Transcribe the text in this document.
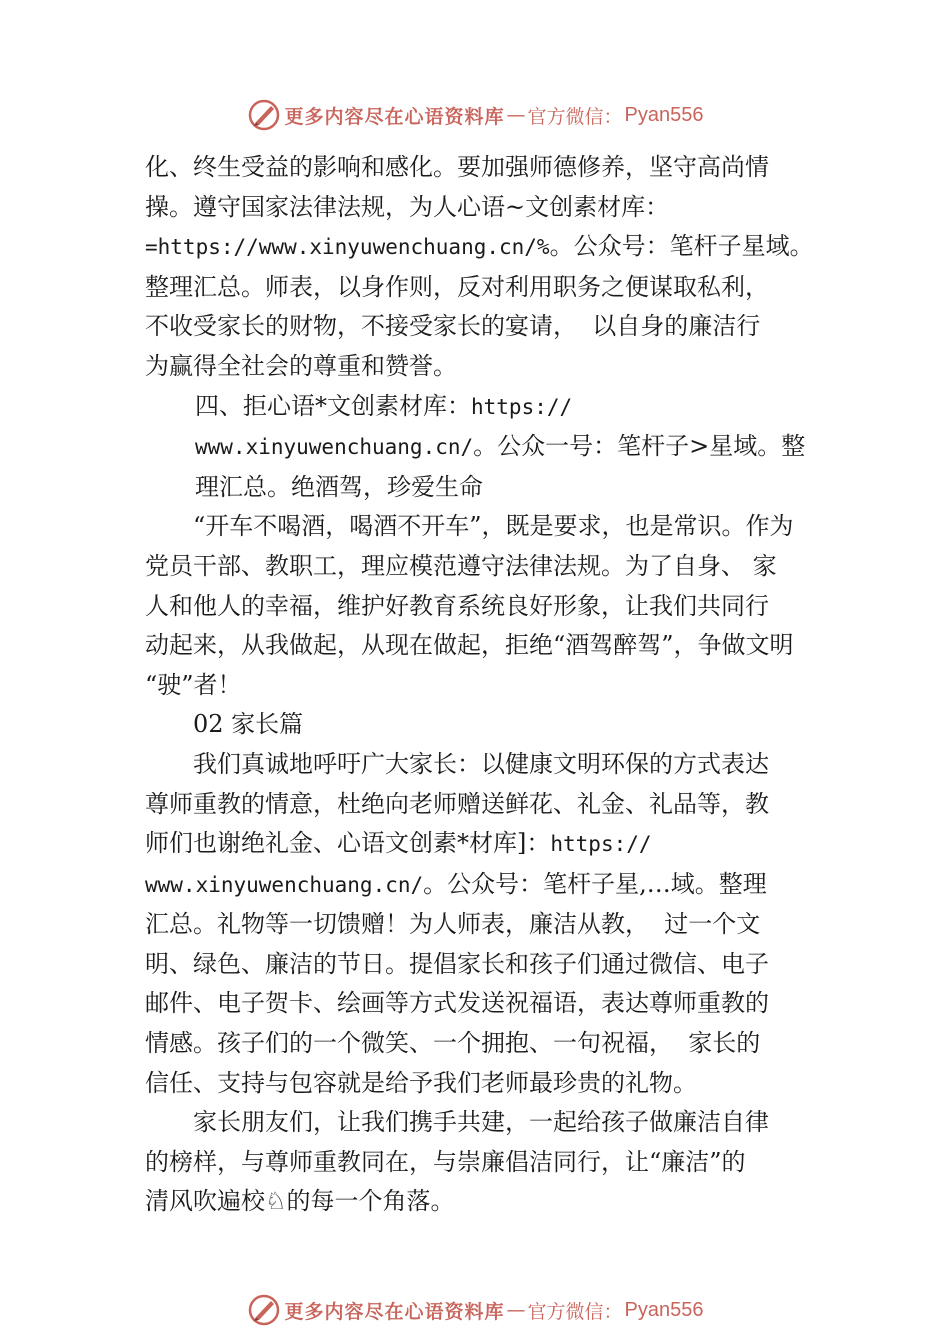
更多内容尽在心语资料库 — 官方微信： Pyan556

化、终生受益的影响和感化。要加强师德修养，坚守高尚情

操。遵守国家法律法规，为人心语~文创素材库：

=https://www.xinyuwenchuang.cn/%。公众号：笔杆子星域。

整理汇总。师表，以身作则，反对利用职务之便谋取私利，

不收受家长的财物，不接受家长的宴请，  以自身的廉洁行

为赢得全社会的尊重和赞誉。

四、拒心语*文创素材库：https://

www.xinyuwenchuang.cn/。公众一号：笔杆子>星域。整

理汇总。绝酒驾，珍爱生命

“开车不喝酒，喝酒不开车”，既是要求，也是常识。作为

党员干部、教职工，理应模范遵守法律法规。为了自身、 家

人和他人的幸福，维护好教育系统良好形象，让我们共同行

动起来，从我做起，从现在做起，拒绝“酒驾醉驾”，争做文明

“驶”者！

02 家长篇

我们真诚地呼吁广大家长：以健康文明环保的方式表达

尊师重教的情意，杜绝向老师赠送鲜花、礼金、礼品等，教

师们也谢绝礼金、心语文创素*材库]：https://

www.xinyuwenchuang.cn/。公众号：笔杆子星,…域。整理

汇总。礼物等一切馈赠！为人师表，廉洁从教，  过一个文

明、绿色、廉洁的节日。提倡家长和孩子们通过微信、电子

邮件、电子贺卡、绘画等方式发送祝福语，表达尊师重教的

情感。孩子们的一个微笑、一个拥抱、一句祝福，  家长的

信任、支持与包容就是给予我们老师最珍贵的礼物。

家长朋友们，让我们携手共建，一起给孩子做廉洁自律

的榜样，与尊师重教同在，与崇廉倡洁同行，让“廉洁”的

清风吹遍校♘的每一个角落。

更多内容尽在心语资料库 — 官方微信： Pyan556
